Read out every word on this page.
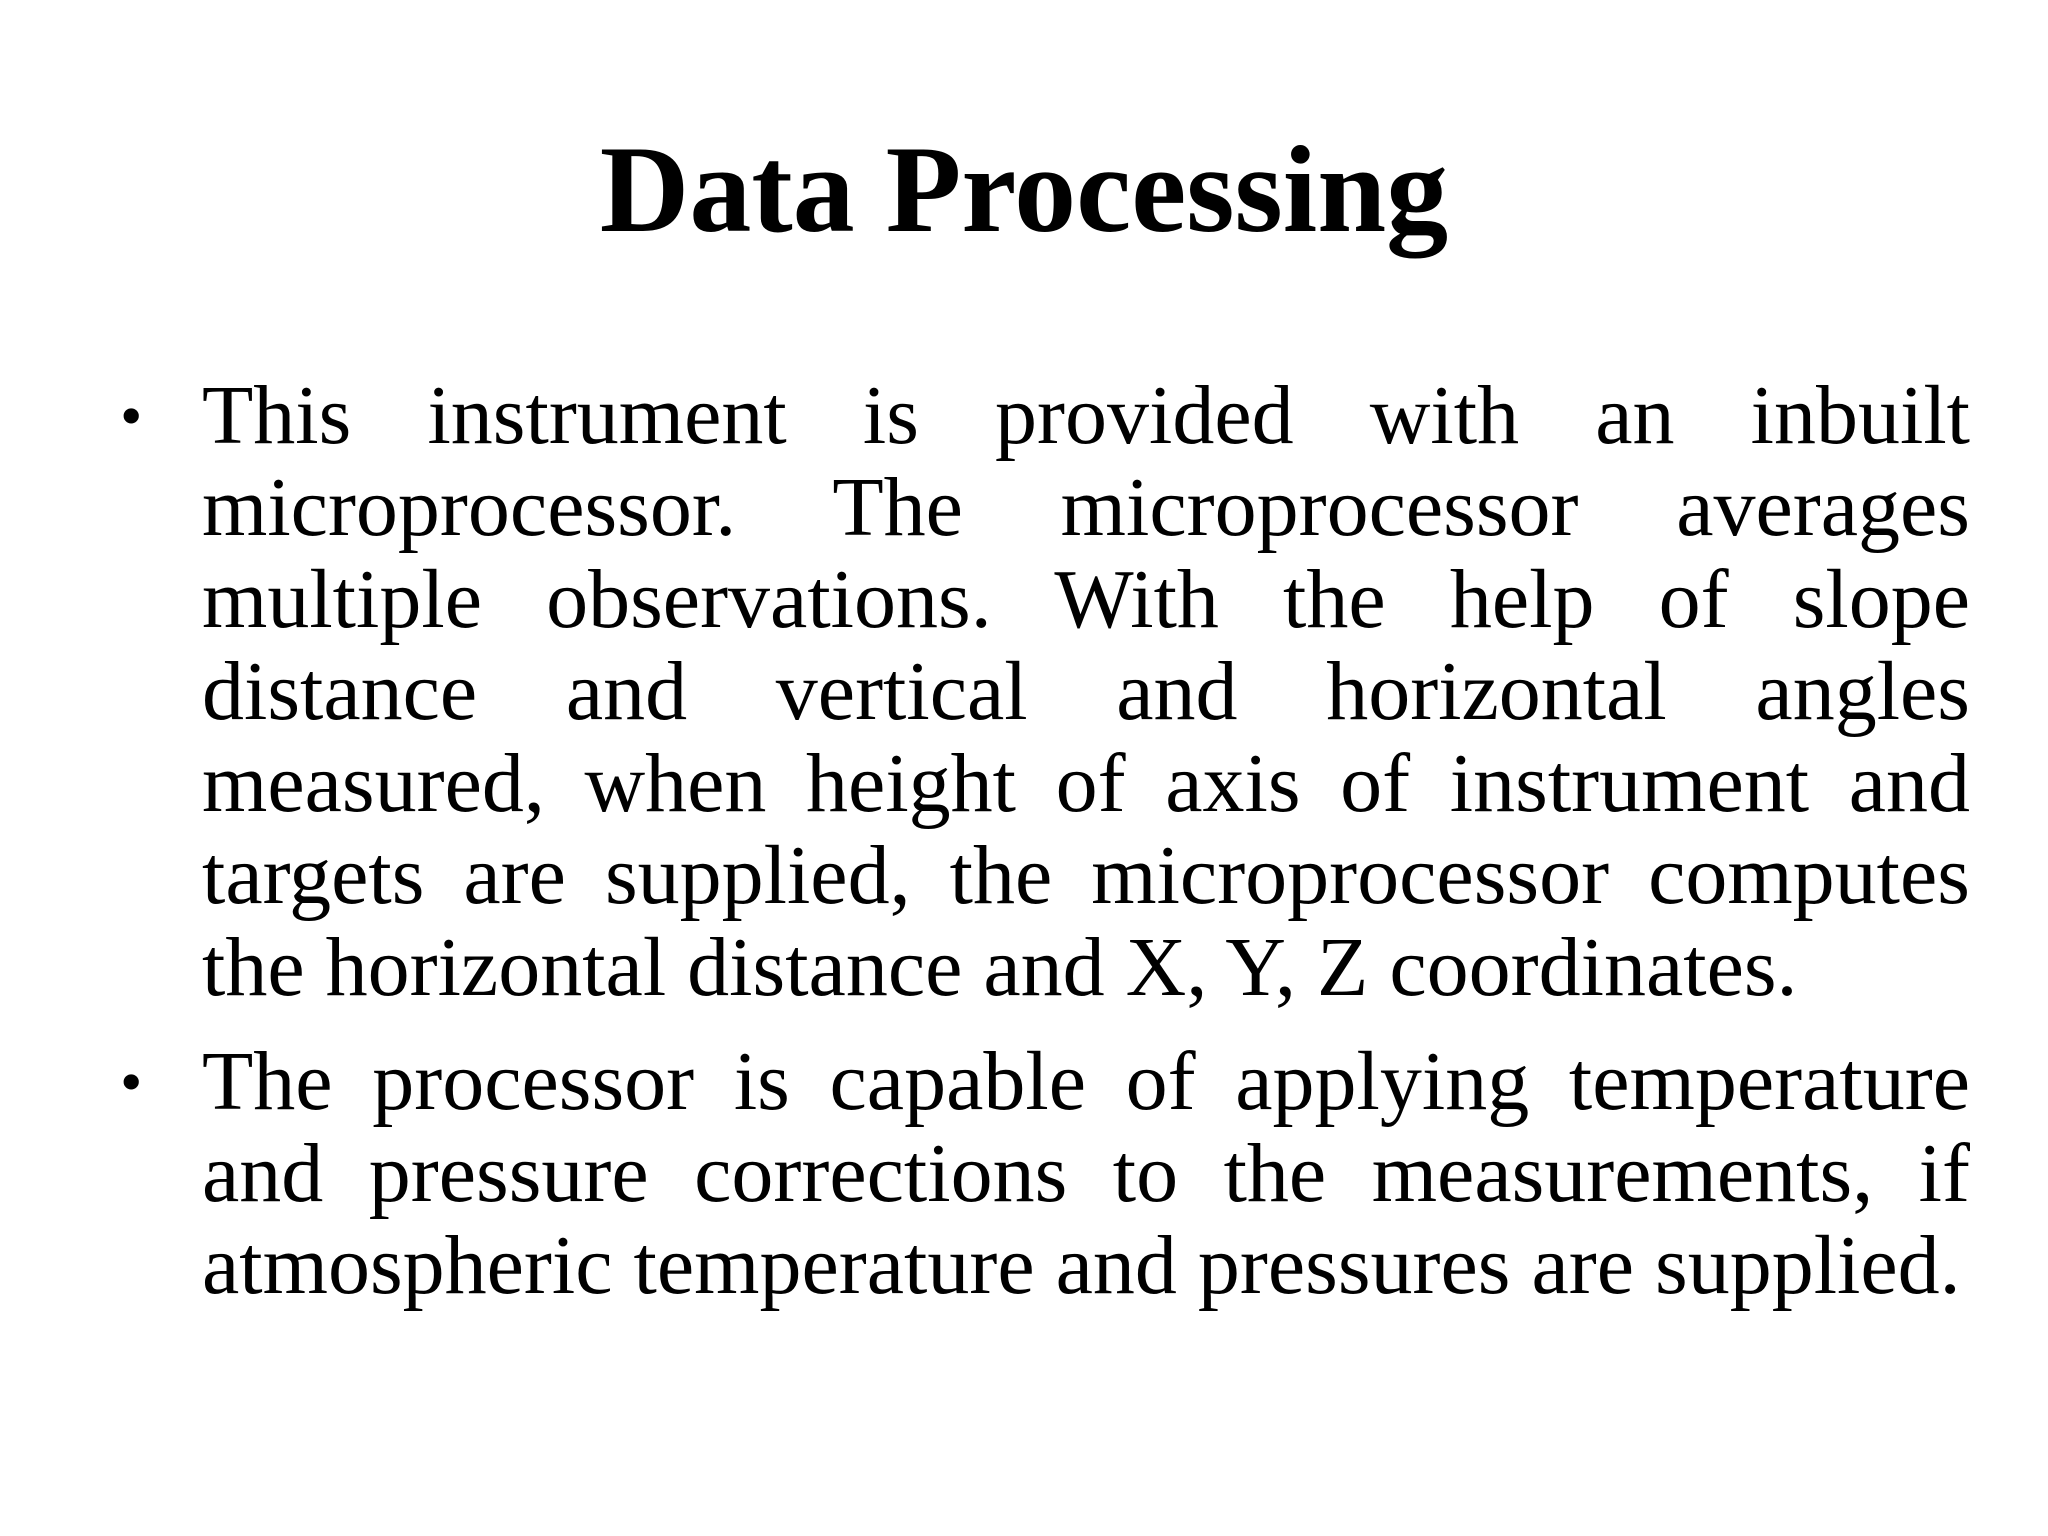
Data Processing
• This instrument is provided with an inbuilt microprocessor. The microprocessor averages multiple observations. With the help of slope distance and vertical and horizontal angles measured, when height of axis of instrument and targets are supplied, the microprocessor computes the horizontal distance and X, Y, Z coordinates.
• The processor is capable of applying temperature and pressure corrections to the measurements, if atmospheric temperature and pressures are supplied.
